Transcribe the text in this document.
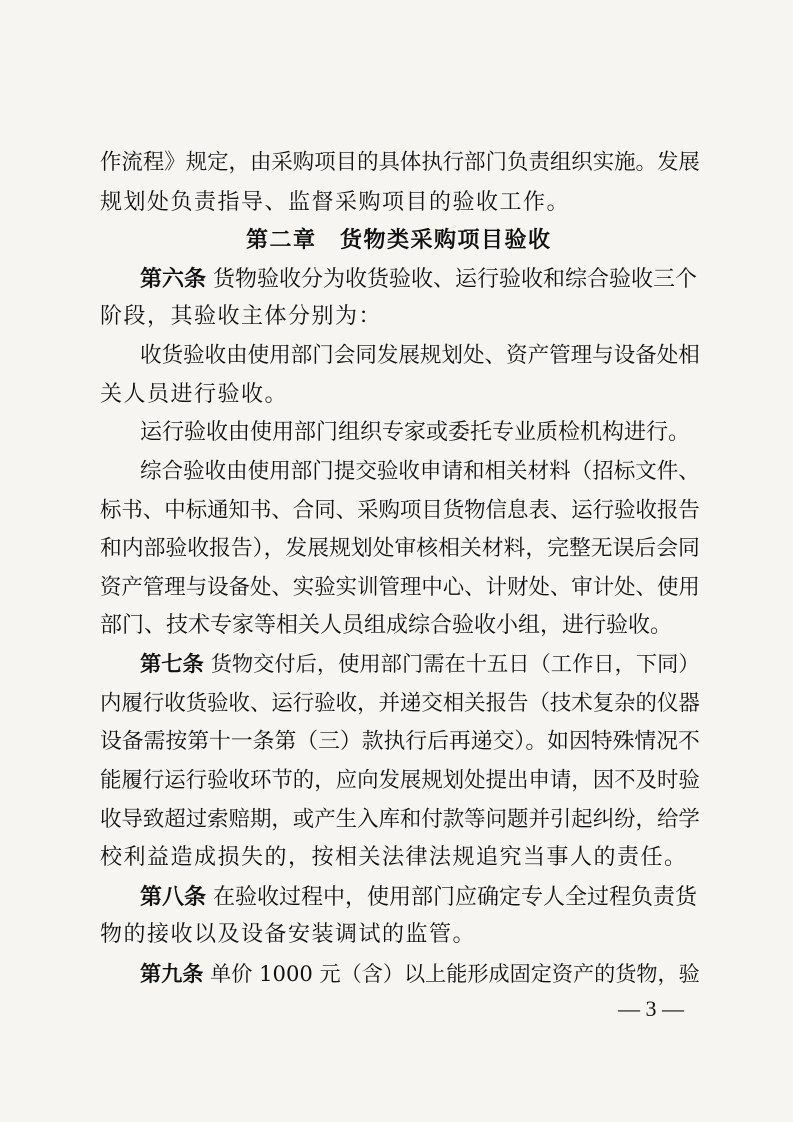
作流程》规定，由采购项目的具体执行部门负责组织实施。发展
规划处负责指导、监督采购项目的验收工作。
第二章　货物类采购项目验收
第六条 货物验收分为收货验收、运行验收和综合验收三个
阶段，其验收主体分别为：
收货验收由使用部门会同发展规划处、资产管理与设备处相
关人员进行验收。
运行验收由使用部门组织专家或委托专业质检机构进行。
综合验收由使用部门提交验收申请和相关材料（招标文件、
标书、中标通知书、合同、采购项目货物信息表、运行验收报告
和内部验收报告），发展规划处审核相关材料，完整无误后会同
资产管理与设备处、实验实训管理中心、计财处、审计处、使用
部门、技术专家等相关人员组成综合验收小组，进行验收。
第七条 货物交付后，使用部门需在十五日（工作日，下同）
内履行收货验收、运行验收，并递交相关报告（技术复杂的仪器
设备需按第十一条第（三）款执行后再递交）。如因特殊情况不
能履行运行验收环节的，应向发展规划处提出申请，因不及时验
收导致超过索赔期，或产生入库和付款等问题并引起纠纷，给学
校利益造成损失的，按相关法律法规追究当事人的责任。
第八条 在验收过程中，使用部门应确定专人全过程负责货
物的接收以及设备安装调试的监管。
第九条 单价 1000 元（含）以上能形成固定资产的货物，验
— 3 —
